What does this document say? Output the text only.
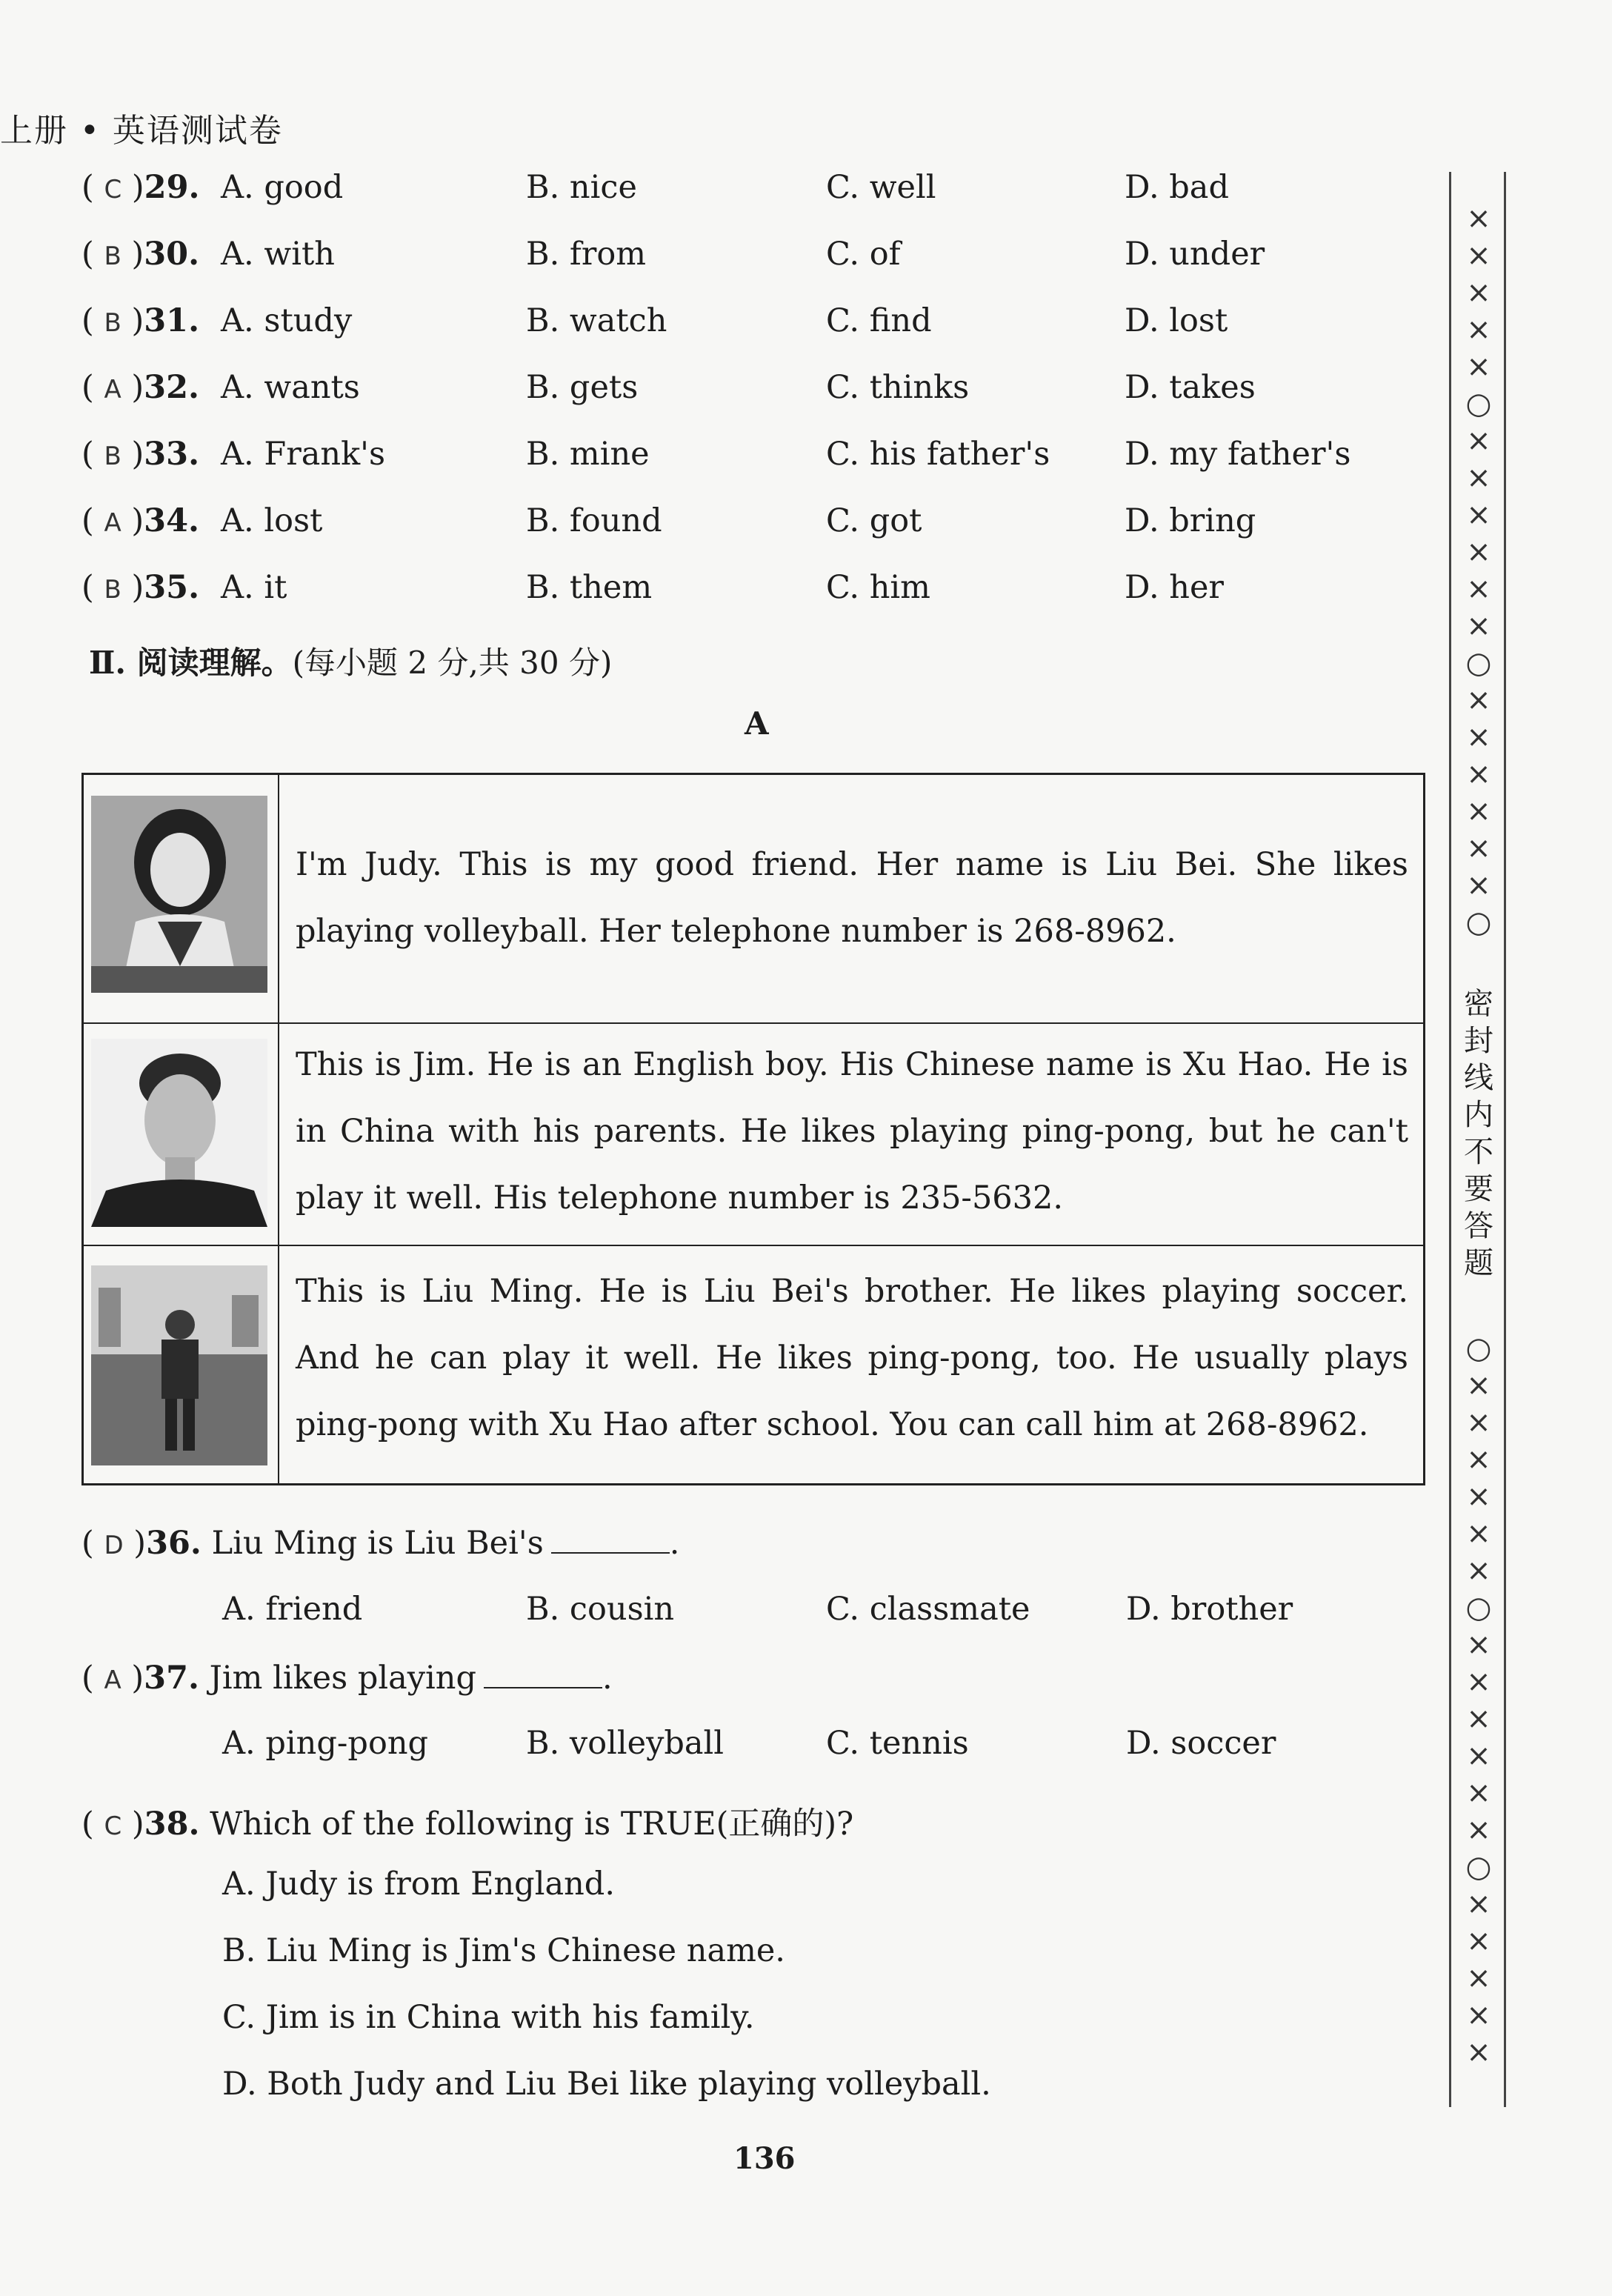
上册 • 英语测试卷
( C )29. A. good	B. nice	C. well	D. bad
( B )30. A. with	B. from	C. of	D. under
( B )31. A. study	B. watch	C. find	D. lost
( A )32. A. wants	B. gets	C. thinks	D. takes
( B )33. A. Frank's	B. mine	C. his father's D. my father's
( A )34. A. lost	B. found	C. got	D. bring
( B )35. A. it	B. them	C. him	D. her
Ⅱ. 阅读理解。(每小题 2 分,共 30 分)
A
I'm Judy. This is my good friend. Her name is Liu Bei. She likes playing volleyball. Her telephone number is 268-8962.
This is Jim. He is an English boy. His Chinese name is Xu Hao. He is in China with his parents. He likes playing ping-pong, but he can't play it well. His telephone number is 235-5632.
This is Liu Ming. He is Liu Bei's brother. He likes playing soccer. And he can play it well. He likes ping-pong, too. He usually plays ping-pong with Xu Hao after school. You can call him at 268-8962.
( D )36. Liu Ming is Liu Bei's	.
A. friend	B. cousin	C. classmate	D. brother
( A )37. Jim likes playing	.
A. ping-pong	B. volleyball	C. tennis	D. soccer
( C )38. Which of the following is TRUE(正确的)?
A. Judy is from England.
B. Liu Ming is Jim's Chinese name.
C. Jim is in China with his family.
D. Both Judy and Liu Bei like playing volleyball.
136
×
×
×
×
×
○
×
×
×
×
×
×
○
×
×
×
×
×
×
○
密
封
线
内
不
要
答
题
○
×
×
×
×
×
×
○
×
×
×
×
×
×
○
×
×
×
×
×
